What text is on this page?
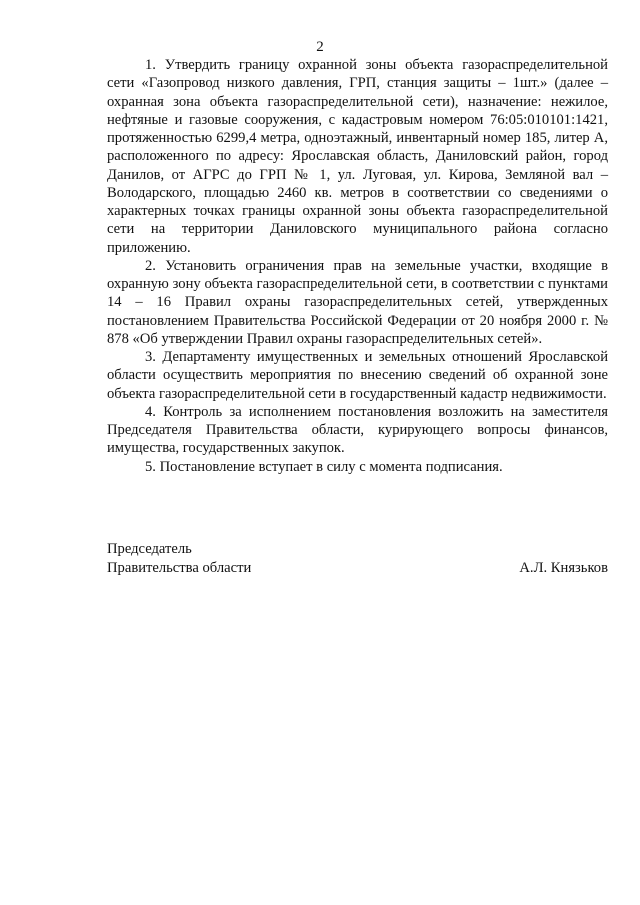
2

1. Утвердить границу охранной зоны объекта газораспределительной сети «Газопровод низкого давления, ГРП, станция защиты – 1шт.» (далее – охранная зона объекта газораспределительной сети), назначение: нежилое, нефтяные и газовые сооружения, с кадастровым номером 76:05:010101:1421, протяженностью 6299,4 метра, одноэтажный, инвентарный номер 185, литер А, расположенного по адресу: Ярославская область, Даниловский район, город Данилов, от АГРС до ГРП № 1, ул. Луговая, ул. Кирова, Земляной вал – Володарского, площадью 2460 кв. метров в соответствии со сведениями о характерных точках границы охранной зоны объекта газораспределительной сети на территории Даниловского муниципального района согласно приложению.

2. Установить ограничения прав на земельные участки, входящие в охранную зону объекта газораспределительной сети, в соответствии с пунктами 14 – 16 Правил охраны газораспределительных сетей, утвержденных постановлением Правительства Российской Федерации от 20 ноября 2000 г. № 878 «Об утверждении Правил охраны газораспределительных сетей».

3. Департаменту имущественных и земельных отношений Ярославской области осуществить мероприятия по внесению сведений об охранной зоне объекта газораспределительной сети в государственный кадастр недвижимости.

4. Контроль за исполнением постановления возложить на заместителя Председателя Правительства области, курирующего вопросы финансов, имущества, государственных закупок.

5. Постановление вступает в силу с момента подписания.

Председатель
Правительства области	А.Л. Князьков
